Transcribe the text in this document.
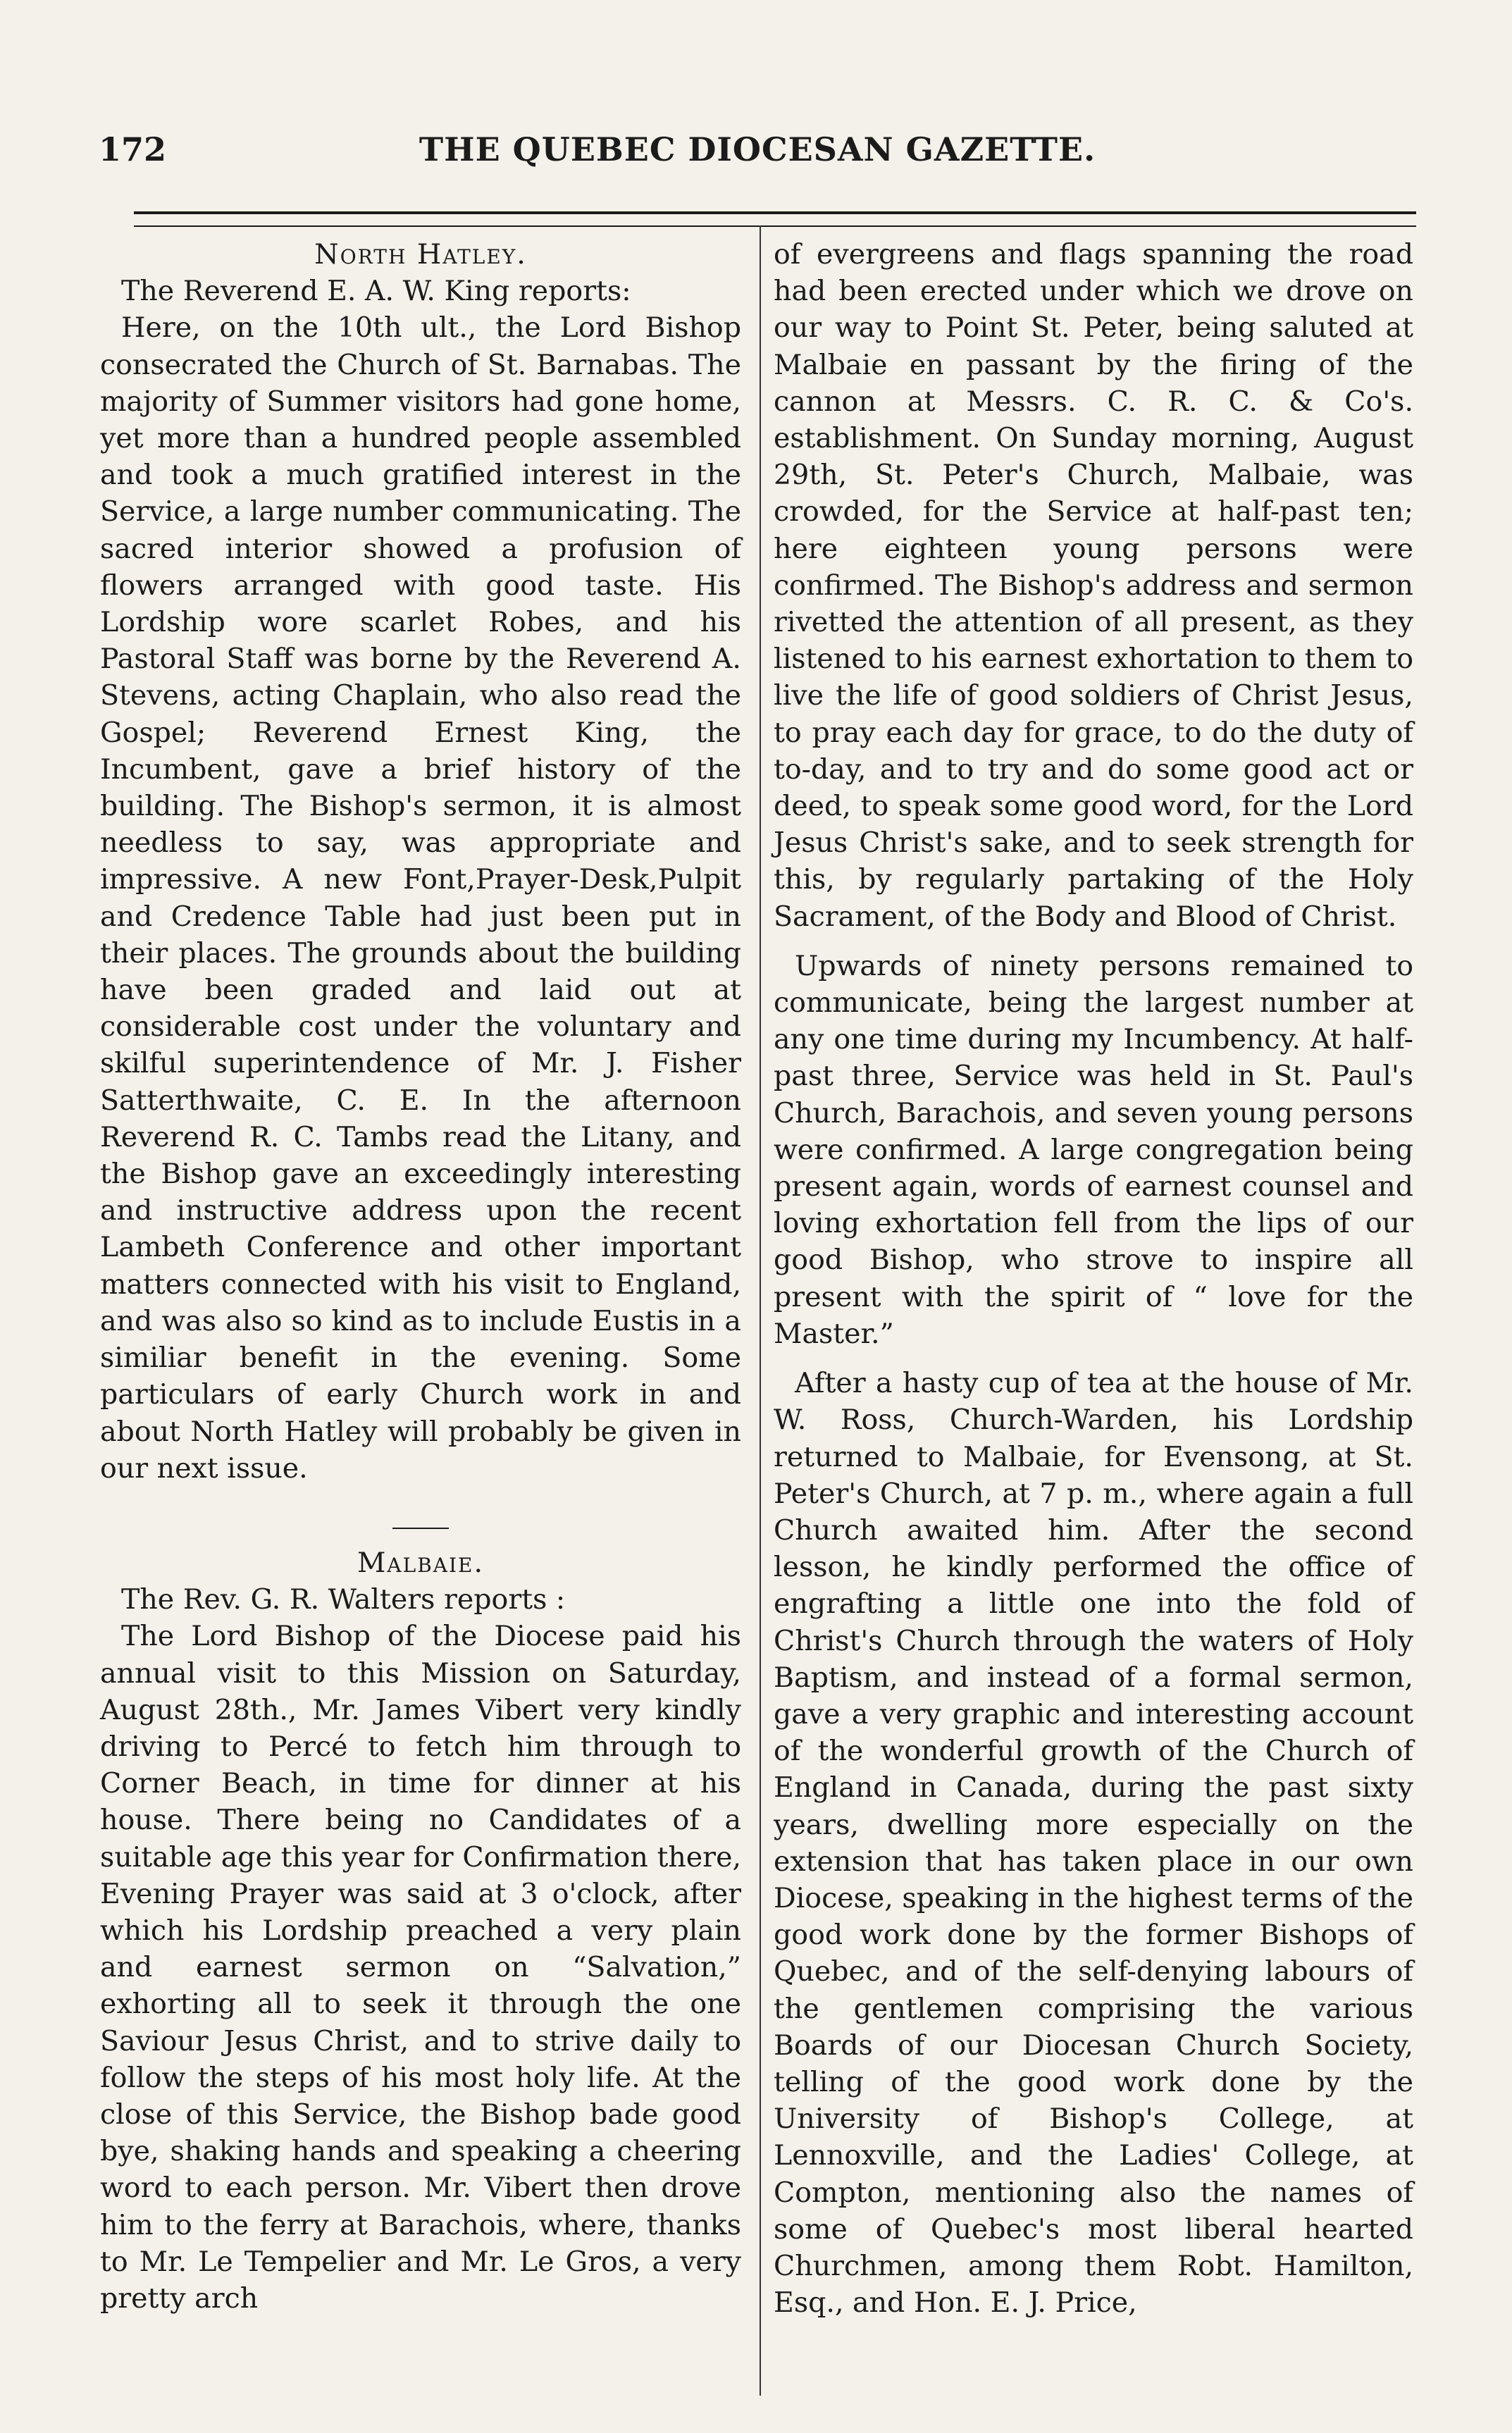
THE QUEBEC DIOCESAN GAZETTE.
172

North Hatley.

The Reverend E. A. W. King reports:

Here, on the 10th ult., the Lord Bishop consecrated the Church of St. Barnabas. The majority of Summer visitors had gone home, yet more than a hundred people assembled and took a much gratified interest in the Service, a large number communicating. The sacred interior showed a profusion of flowers arranged with good taste. His Lordship wore scarlet Robes, and his Pastoral Staff was borne by the Reverend A. Stevens, acting Chaplain, who also read the Gospel; Reverend Ernest King, the Incumbent, gave a brief history of the building. The Bishop's sermon, it is almost needless to say, was appropriate and impressive. A new Font,Prayer-Desk,Pulpit and Credence Table had just been put in their places. The grounds about the building have been graded and laid out at considerable cost under the voluntary and skilful superintendence of Mr. J. Fisher Satterthwaite, C. E. In the afternoon Reverend R. C. Tambs read the Litany, and the Bishop gave an exceedingly interesting and instructive address upon the recent Lambeth Conference and other important matters connected with his visit to England, and was also so kind as to include Eustis in a similiar benefit in the evening. Some particulars of early Church work in and about North Hatley will probably be given in our next issue.

Malbaie.

The Rev. G. R. Walters reports :

The Lord Bishop of the Diocese paid his annual visit to this Mission on Saturday, August 28th., Mr. James Vibert very kindly driving to Percé to fetch him through to Corner Beach, in time for dinner at his house. There being no Candidates of a suitable age this year for Confirmation there, Evening Prayer was said at 3 o'clock, after which his Lordship preached a very plain and earnest sermon on “Salvation,” exhorting all to seek it through the one Saviour Jesus Christ, and to strive daily to follow the steps of his most holy life. At the close of this Service, the Bishop bade good bye, shaking hands and speaking a cheering word to each person. Mr. Vibert then drove him to the ferry at Barachois, where, thanks to Mr. Le Tempelier and Mr. Le Gros, a very pretty arch

of evergreens and flags spanning the road had been erected under which we drove on our way to Point St. Peter, being saluted at Malbaie en passant by the firing of the cannon at Messrs. C. R. C. & Co's. establishment. On Sunday morning, August 29th, St. Peter's Church, Malbaie, was crowded, for the Service at half-past ten; here eighteen young persons were confirmed. The Bishop's address and sermon rivetted the attention of all present, as they listened to his earnest exhortation to them to live the life of good soldiers of Christ Jesus, to pray each day for grace, to do the duty of to-day, and to try and do some good act or deed, to speak some good word, for the Lord Jesus Christ's sake, and to seek strength for this, by regularly partaking of the Holy Sacrament, of the Body and Blood of Christ.

Upwards of ninety persons remained to communicate, being the largest number at any one time during my Incumbency. At half-past three, Service was held in St. Paul's Church, Barachois, and seven young persons were confirmed. A large congregation being present again, words of earnest counsel and loving exhortation fell from the lips of our good Bishop, who strove to inspire all present with the spirit of “ love for the Master.”

After a hasty cup of tea at the house of Mr. W. Ross, Church-Warden, his Lordship returned to Malbaie, for Evensong, at St. Peter's Church, at 7 p. m., where again a full Church awaited him. After the second lesson, he kindly performed the office of engrafting a little one into the fold of Christ's Church through the waters of Holy Baptism, and instead of a formal sermon, gave a very graphic and interesting account of the wonderful growth of the Church of England in Canada, during the past sixty years, dwelling more especially on the extension that has taken place in our own Diocese, speaking in the highest terms of the good work done by the former Bishops of Quebec, and of the self-denying labours of the gentlemen comprising the various Boards of our Diocesan Church Society, telling of the good work done by the University of Bishop's College, at Lennoxville, and the Ladies' College, at Compton, mentioning also the names of some of Quebec's most liberal hearted Churchmen, among them Robt. Hamilton, Esq., and Hon. E. J. Price,
